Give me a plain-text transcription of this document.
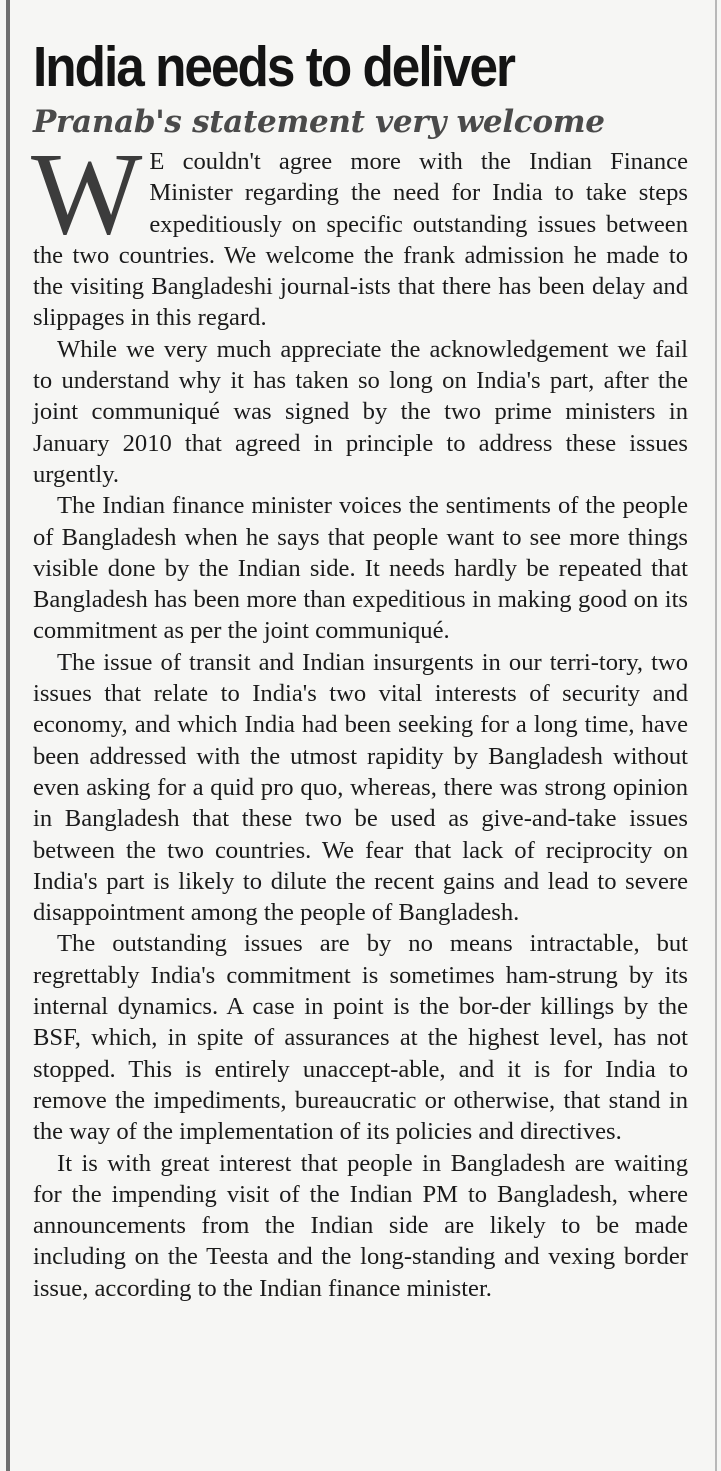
India needs to deliver
Pranab's statement very welcome

W E couldn't agree more with the Indian Finance Minister regarding the need for India to take steps expeditiously on specific outstanding issues between the two countries. We welcome the frank admission he made to the visiting Bangladeshi journal-ists that there has been delay and slippages in this regard.

While we very much appreciate the acknowledgement we fail to understand why it has taken so long on India's part, after the joint communiqué was signed by the two prime ministers in January 2010 that agreed in principle to address these issues urgently.

The Indian finance minister voices the sentiments of the people of Bangladesh when he says that people want to see more things visible done by the Indian side. It needs hardly be repeated that Bangladesh has been more than expeditious in making good on its commitment as per the joint communiqué.

The issue of transit and Indian insurgents in our terri-tory, two issues that relate to India's two vital interests of security and economy, and which India had been seeking for a long time, have been addressed with the utmost rapidity by Bangladesh without even asking for a quid pro quo, whereas, there was strong opinion in Bangladesh that these two be used as give-and-take issues between the two countries. We fear that lack of reciprocity on India's part is likely to dilute the recent gains and lead to severe disappointment among the people of Bangladesh.

The outstanding issues are by no means intractable, but regrettably India's commitment is sometimes ham-strung by its internal dynamics. A case in point is the bor-der killings by the BSF, which, in spite of assurances at the highest level, has not stopped. This is entirely unaccept-able, and it is for India to remove the impediments, bureaucratic or otherwise, that stand in the way of the implementation of its policies and directives.

It is with great interest that people in Bangladesh are waiting for the impending visit of the Indian PM to Bangladesh, where announcements from the Indian side are likely to be made including on the Teesta and the long-standing and vexing border issue, according to the Indian finance minister.
